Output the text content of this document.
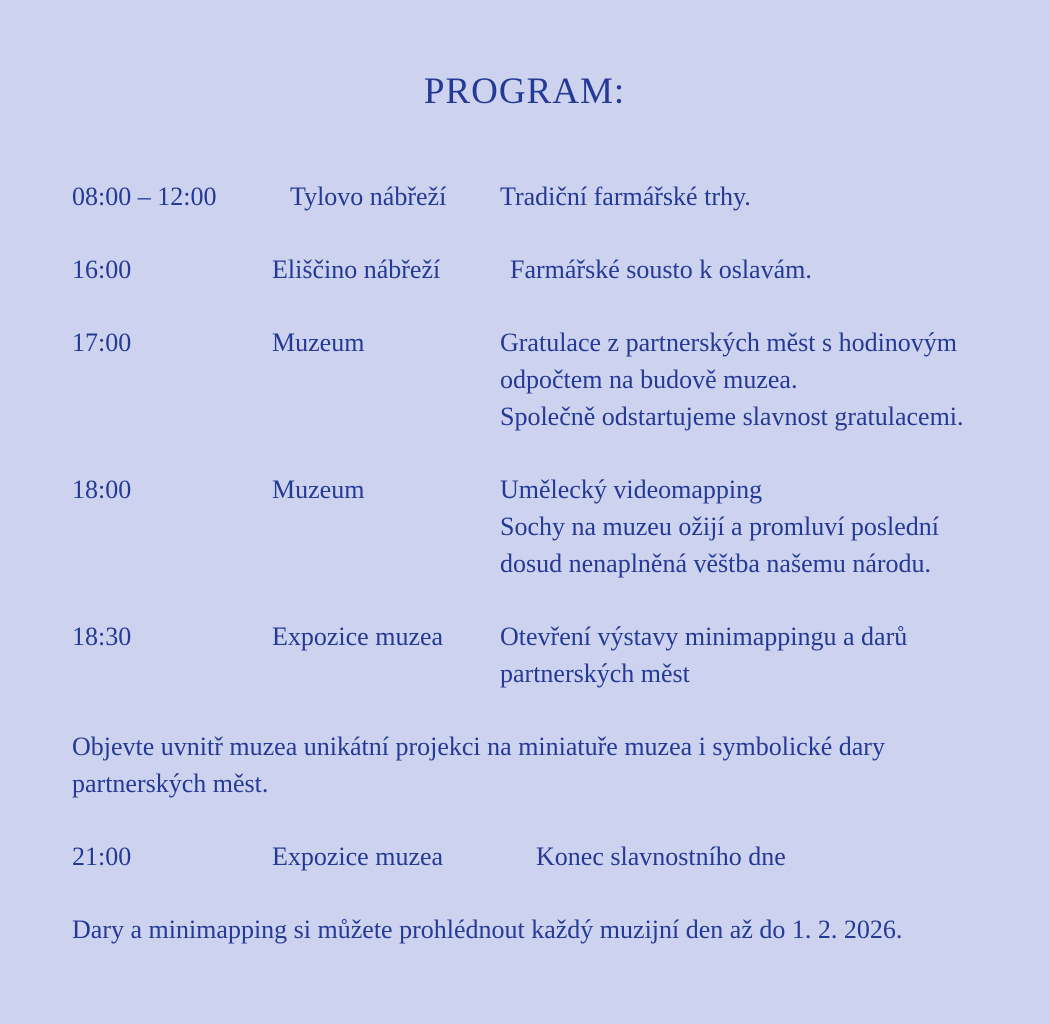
PROGRAM:
08:00 – 12:00	Tylovo nábřeží	Tradiční farmářské trhy.
16:00	Eliščino nábřeží	Farmářské sousto k oslavám.
17:00	Muzeum	Gratulace z partnerských měst s hodinovým
odpočtem na budově muzea.
Společně odstartujeme slavnost gratulacemi.
18:00	Muzeum	Umělecký videomapping
Sochy na muzeu ožijí a promluví poslední
dosud nenaplněná věštba našemu národu.
18:30	Expozice muzea	Otevření výstavy minimappingu a darů
partnerských měst
Objevte uvnitř muzea unikátní projekci na miniatuře muzea i symbolické dary
partnerských měst.
21:00	Expozice muzea	Konec slavnostního dne
Dary a minimapping si můžete prohlédnout každý muzijní den až do 1. 2. 2026.
